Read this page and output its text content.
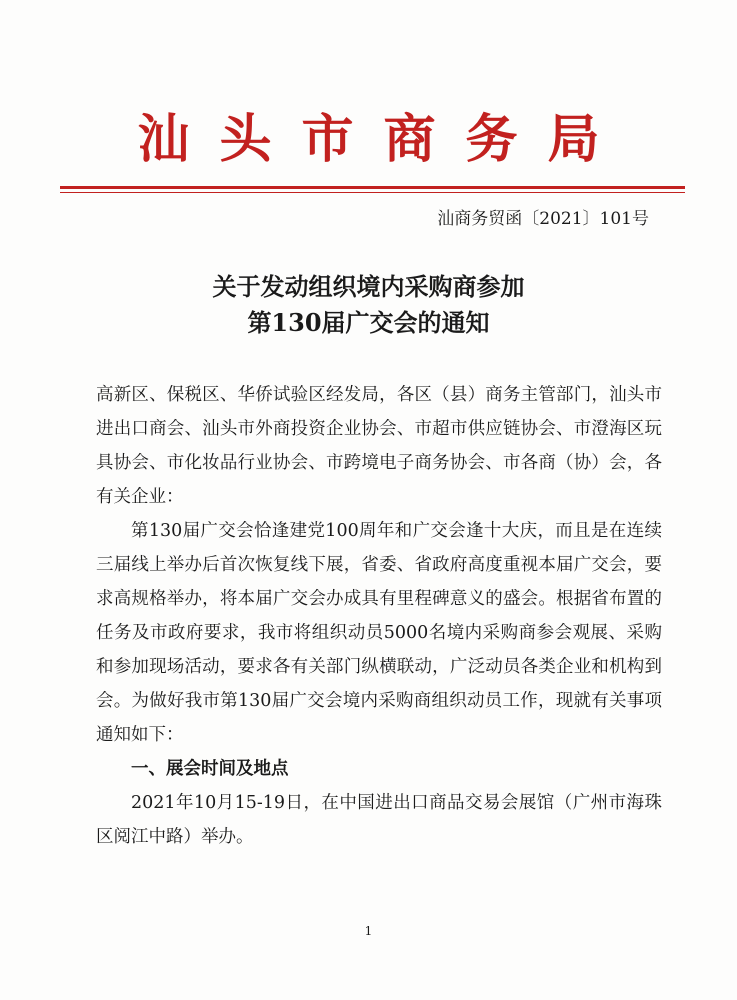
汕头市商务局
汕商务贸函〔2021〕101号
关于发动组织境内采购商参加
第130届广交会的通知

高新区、保税区、华侨试验区经发局，各区（县）商务主管部门，汕头市进出口商会、汕头市外商投资企业协会、市超市供应链协会、市澄海区玩具协会、市化妆品行业协会、市跨境电子商务协会、市各商（协）会，各有关企业：

第130届广交会恰逢建党100周年和广交会逢十大庆，而且是在连续三届线上举办后首次恢复线下展，省委、省政府高度重视本届广交会，要求高规格举办，将本届广交会办成具有里程碑意义的盛会。根据省布置的任务及市政府要求，我市将组织动员5000名境内采购商参会观展、采购和参加现场活动，要求各有关部门纵横联动，广泛动员各类企业和机构到会。为做好我市第130届广交会境内采购商组织动员工作，现就有关事项通知如下：

一、展会时间及地点

2021年10月15-19日，在中国进出口商品交易会展馆（广州市海珠区阅江中路）举办。

1
